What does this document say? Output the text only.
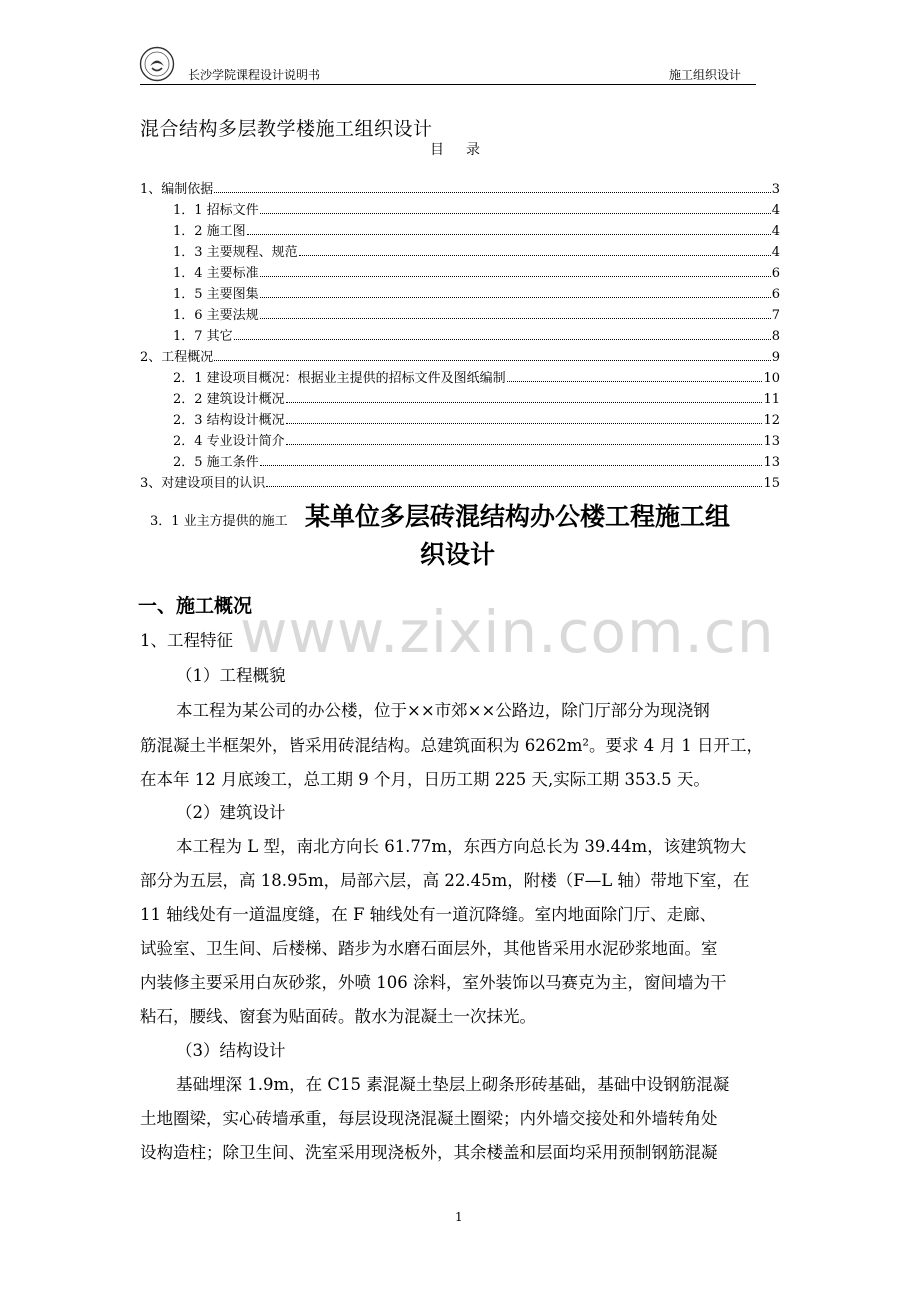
长沙学院课程设计说明书	施工组织设计
混合结构多层教学楼施工组织设计
目录
1、编制依据	3
1．1 招标文件	4
1．2 施工图	4
1．3 主要规程、规范	4
1．4 主要标准	6
1．5 主要图集	6
1．6 主要法规	7
1．7 其它	8
2、工程概况	9
2．1 建设项目概况：根据业主提供的招标文件及图纸编制	10
2．2 建筑设计概况	11
2．3 结构设计概况	12
2．4 专业设计简介	13
2．5 施工条件	13
3、对建设项目的认识	15
3．1 业主方提供的施工 某单位多层砖混结构办公楼工程施工组
织设计
www.zixin.com.cn
一、施工概况
1、工程特征
（1）工程概貌
本工程为某公司的办公楼，位于××市郊××公路边，除门厅部分为现浇钢
筋混凝土半框架外，皆采用砖混结构。总建筑面积为 6262m²。要求 4 月 1 日开工，
在本年 12 月底竣工，总工期 9 个月，日历工期 225 天,实际工期 353.5 天。
（2）建筑设计
本工程为 L 型，南北方向长 61.77m，东西方向总长为 39.44m，该建筑物大
部分为五层，高 18.95m，局部六层，高 22.45m，附楼（F—L 轴）带地下室，在
11 轴线处有一道温度缝，在 F 轴线处有一道沉降缝。室内地面除门厅、走廊、
试验室、卫生间、后楼梯、踏步为水磨石面层外，其他皆采用水泥砂浆地面。室
内装修主要采用白灰砂浆，外喷 106 涂料，室外装饰以马赛克为主，窗间墙为干
粘石，腰线、窗套为贴面砖。散水为混凝土一次抹光。
（3）结构设计
基础埋深 1.9m，在 C15 素混凝土垫层上砌条形砖基础，基础中设钢筋混凝
土地圈梁，实心砖墙承重，每层设现浇混凝土圈梁；内外墙交接处和外墙转角处
设构造柱；除卫生间、洗室采用现浇板外，其余楼盖和层面均采用预制钢筋混凝
1
